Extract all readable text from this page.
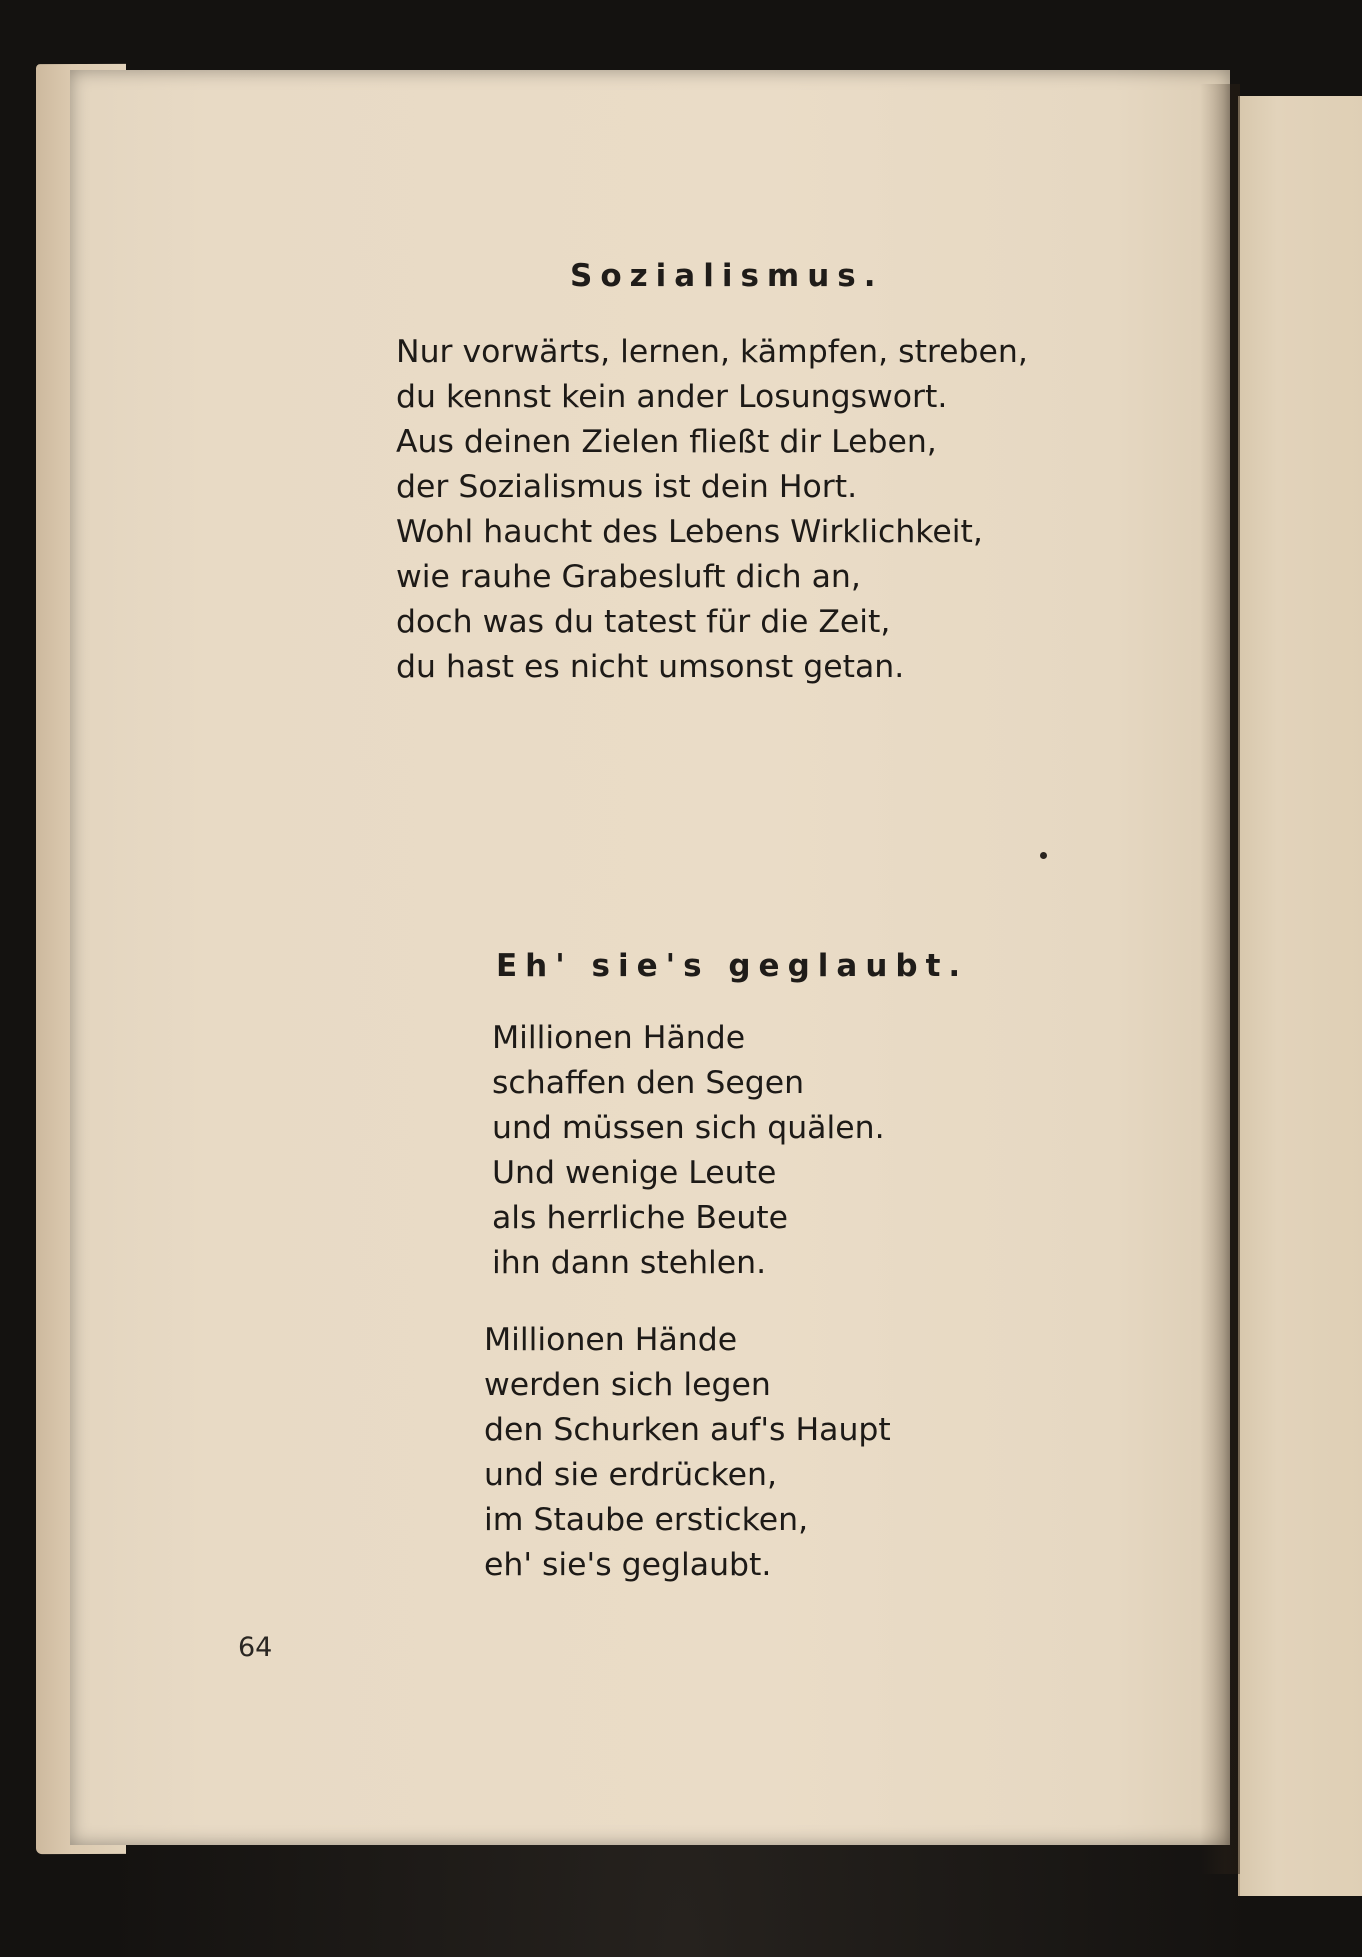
Sozialismus.
Nur vorwärts, lernen, kämpfen, streben,
du kennst kein ander Losungswort.
Aus deinen Zielen fließt dir Leben,
der Sozialismus ist dein Hort.
Wohl haucht des Lebens Wirklichkeit,
wie rauhe Grabesluft dich an,
doch was du tatest für die Zeit,
du hast es nicht umsonst getan.
Eh' sie's geglaubt.
Millionen Hände
schaffen den Segen
und müssen sich quälen.
Und wenige Leute
als herrliche Beute
ihn dann stehlen.
Millionen Hände
werden sich legen
den Schurken auf's Haupt
und sie erdrücken,
im Staube ersticken,
eh' sie's geglaubt.
64
